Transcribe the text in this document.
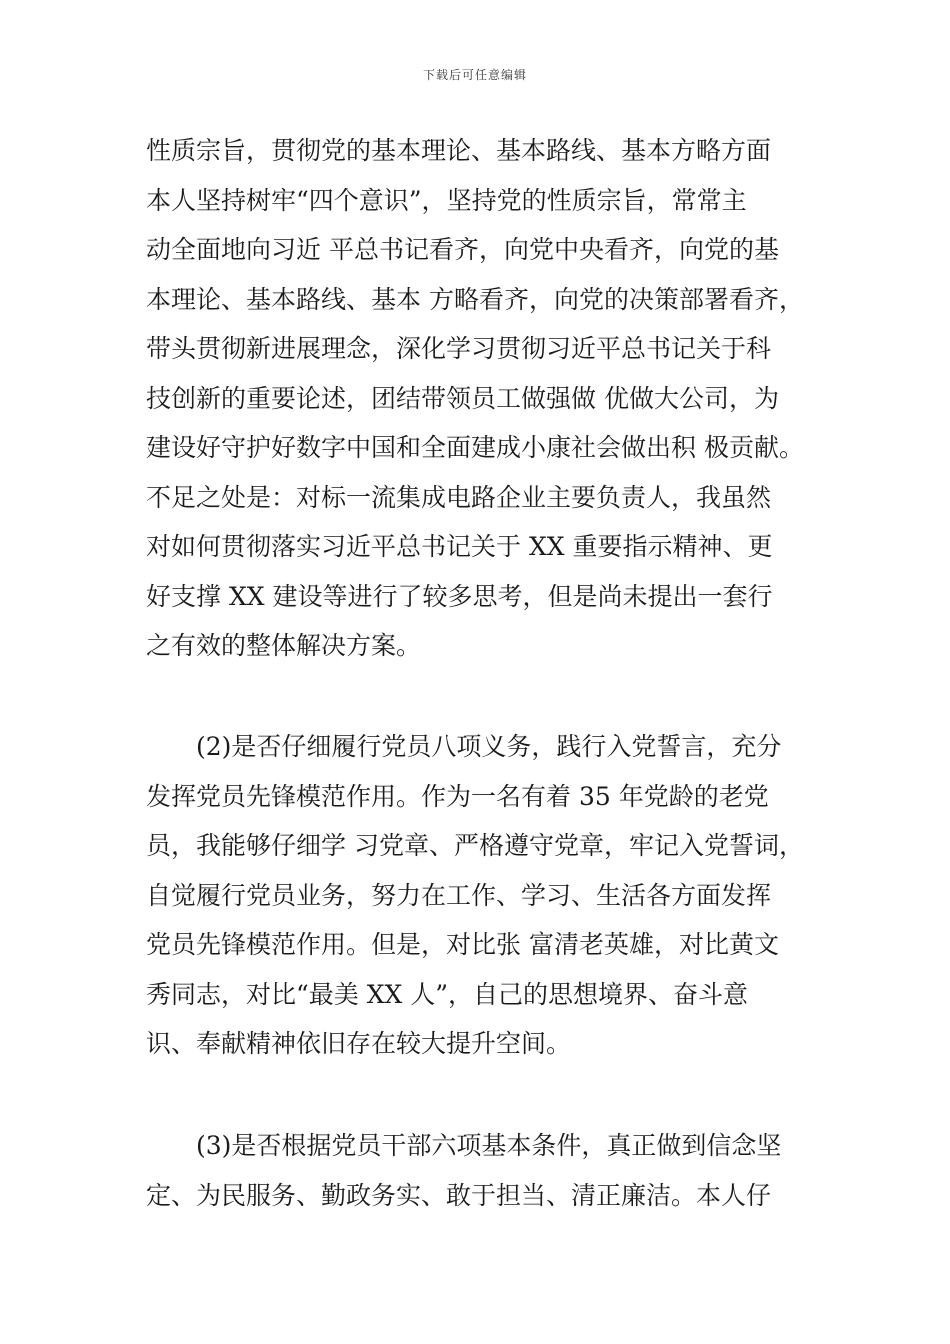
下载后可任意编辑
性质宗旨，贯彻党的基本理论、基本路线、基本方略方面
本人坚持树牢“四个意识”，坚持党的性质宗旨，常常主
动全面地向习近 平总书记看齐，向党中央看齐，向党的基
本理论、基本路线、基本 方略看齐，向党的决策部署看齐，
带头贯彻新进展理念，深化学习贯彻习近平总书记关于科
技创新的重要论述，团结带领员工做强做 优做大公司，为
建设好守护好数字中国和全面建成小康社会做出积 极贡献。
不足之处是：对标一流集成电路企业主要负责人，我虽然
对如何贯彻落实习近平总书记关于 XX 重要指示精神、更
好支撑 XX 建设等进行了较多思考，但是尚未提出一套行
之有效的整体解决方案。
　　(2)是否仔细履行党员八项义务，践行入党誓言，充分
发挥党员先锋模范作用。作为一名有着 35 年党龄的老党
员，我能够仔细学 习党章、严格遵守党章，牢记入党誓词，
自觉履行党员业务，努力在工作、学习、生活各方面发挥
党员先锋模范作用。但是，对比张 富清老英雄，对比黄文
秀同志，对比“最美 XX 人”，自己的思想境界、奋斗意
识、奉献精神依旧存在较大提升空间。
　　(3)是否根据党员干部六项基本条件，真正做到信念坚
定、为民服务、勤政务实、敢于担当、清正廉洁。本人仔
